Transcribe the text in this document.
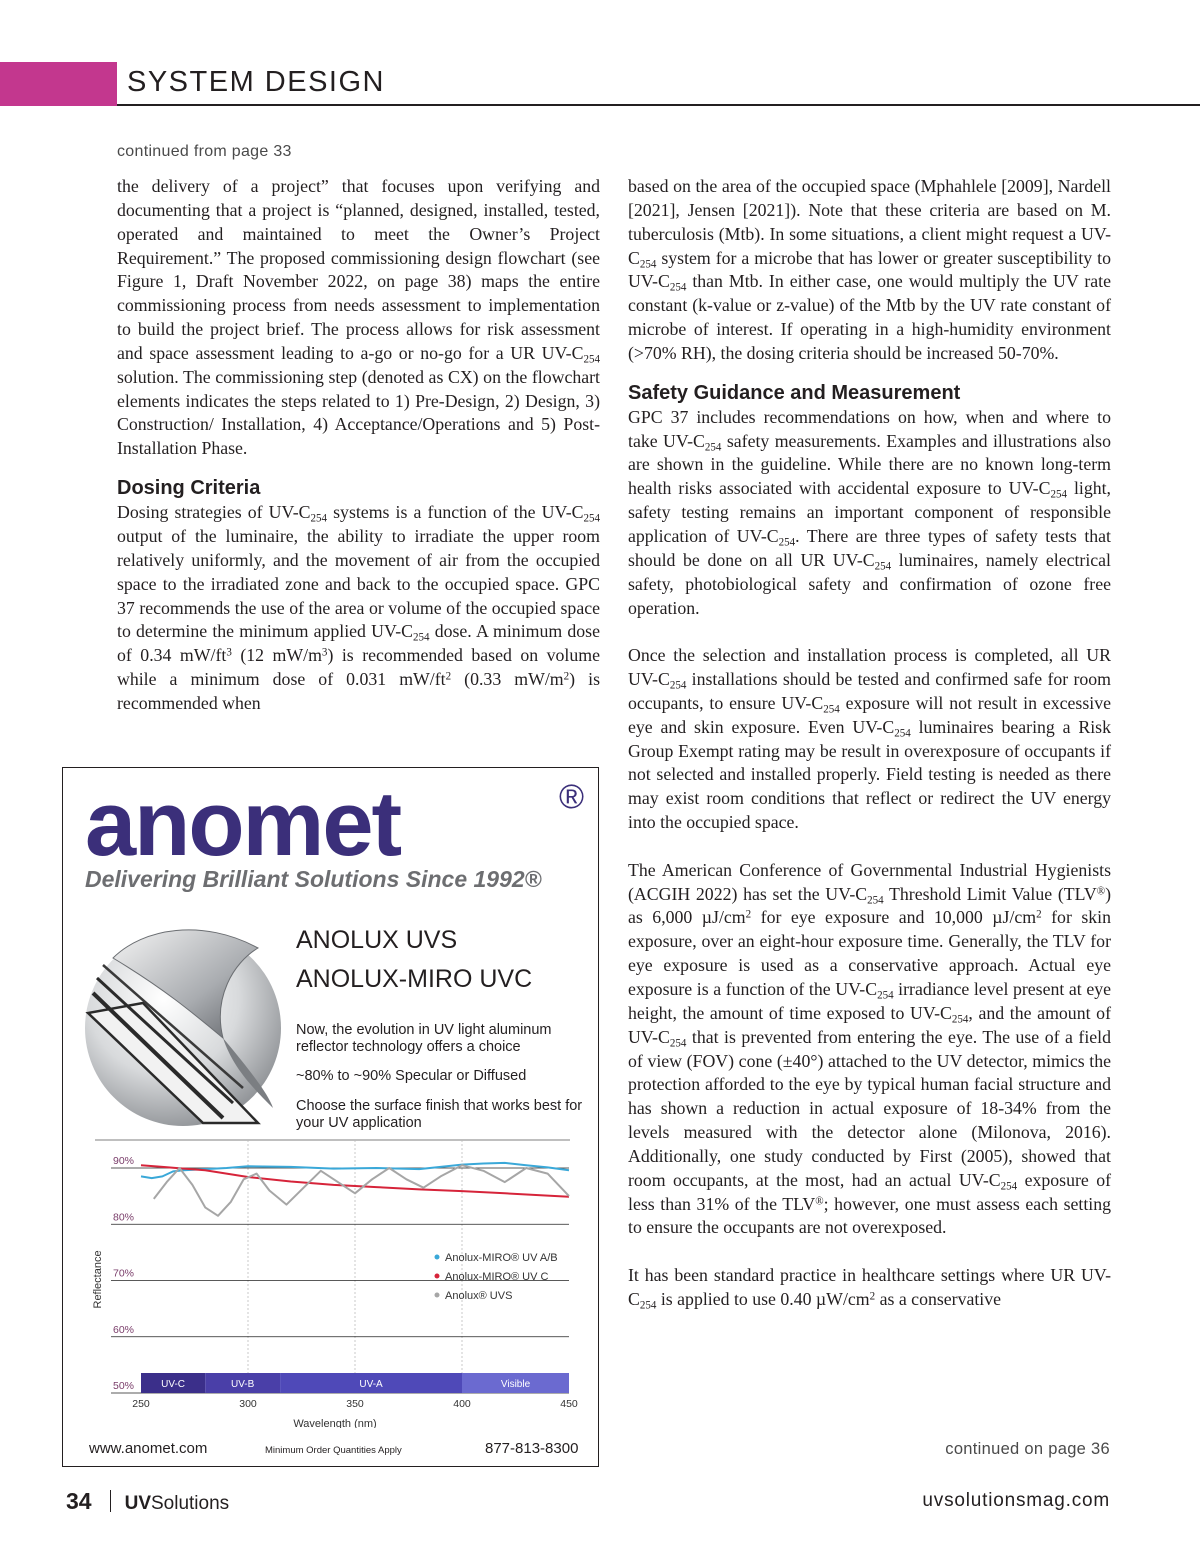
SYSTEM DESIGN
continued from page 33

the delivery of a project” that focuses upon verifying and documenting that a project is “planned, designed, installed, tested, operated and maintained to meet the Owner’s Project Requirement.” The proposed commissioning design flowchart (see Figure 1, Draft November 2022, on page 38) maps the entire commissioning process from needs assessment to implementation to build the project brief. The process allows for risk assessment and space assessment leading to a-go or no-go for a UR $UV-C_{254}$ solution. The commissioning step (denoted as CX) on the flowchart elements indicates the steps related to 1) Pre-Design, 2) Design, 3) Construction/ Installation, 4) Acceptance/Operations and 5) Post-Installation Phase.

Dosing Criteria

Dosing strategies of $UV-C_{254}$ systems is a function of the $UV-C_{254}$ output of the luminaire, the ability to irradiate the upper room relatively uniformly, and the movement of air from the occupied space to the irradiated zone and back to the occupied space. GPC 37 recommends the use of the area or volume of the occupied space to determine the minimum applied $UV-C_{254}$ dose. A minimum dose of 0.34 $mW/ft^3$ (12 $mW/m^3$) is recommended based on volume while a minimum dose of 0.031 $mW/ft^2$ (0.33 $mW/m^2$) is recommended when

based on the area of the occupied space (Mphahlele [2009], Nardell [2021], Jensen [2021]). Note that these criteria are based on M. tuberculosis (Mtb). In some situations, a client might request a $UV-C_{254}$ system for a microbe that has lower or greater susceptibility to $UV-C_{254}$ than Mtb. In either case, one would multiply the UV rate constant (k-value or z-value) of the Mtb by the UV rate constant of microbe of interest. If operating in a high-humidity environment (>70% RH), the dosing criteria should be increased 50-70%.

Safety Guidance and Measurement

GPC 37 includes recommendations on how, when and where to take $UV-C_{254}$ safety measurements. Examples and illustrations also are shown in the guideline. While there are no known long-term health risks associated with accidental exposure to $UV-C_{254}$ light, safety testing remains an important component of responsible application of $UV-C_{254}$. There are three types of safety tests that should be done on all UR $UV-C_{254}$ luminaires, namely electrical safety, photobiological safety and confirmation of ozone free operation.

Once the selection and installation process is completed, all UR $UV-C_{254}$ installations should be tested and confirmed safe for room occupants, to ensure $UV-C_{254}$ exposure will not result in excessive eye and skin exposure. Even $UV-C_{254}$ luminaires bearing a Risk Group Exempt rating may be result in overexposure of occupants if not selected and installed properly. Field testing is needed as there may exist room conditions that reflect or redirect the UV energy into the occupied space.

The American Conference of Governmental Industrial Hygienists (ACGIH 2022) has set the $UV-C_{254}$ Threshold Limit Value (TLV®) as 6,000 $\mu J/cm^2$ for eye exposure and 10,000 $\mu J/cm^2$ for skin exposure, over an eight-hour exposure time. Generally, the TLV for eye exposure is used as a conservative approach. Actual eye exposure is a function of the $UV-C_{254}$ irradiance level present at eye height, the amount of time exposed to $UV-C_{254}$, and the amount of $UV-C_{254}$ that is prevented from entering the eye. The use of a field of view (FOV) cone (±40°) attached to the UV detector, mimics the protection afforded to the eye by typical human facial structure and has shown a reduction in actual exposure of 18-34% from the levels measured with the detector alone (Milonova, 2016). Additionally, one study conducted by First (2005), showed that room occupants, at the most, had an actual $UV-C_{254}$ exposure of less than 31% of the TLV®; however, one must assess each setting to ensure the occupants are not overexposed.

It has been standard practice in healthcare settings where UR $UV-C_{254}$ is applied to use 0.40 $\mu W/cm^2$ as a conservative

continued on page 36
anomet	®
Delivering Brilliant Solutions Since 1992®
ANOLUX UVS
ANOLUX-MIRO UVC
Now, the evolution in UV light aluminum reflector technology offers a choice
~80% to ~90% Specular or Diffused
Choose the surface finish that works best for your UV application
90%
80%
70%
60%
50%
Reflectance
UV-C	UV-B	UV-A	Visible
250	300	350	400	450
Wavelength (nm)
Anolux-MIRO® UV A/B
Anolux-MIRO® UV C
Anolux® UVS
www.anomet.com	Minimum Order Quantities Apply	877-813-8300
34 UVSolutions	uvsolutionsmag.com
